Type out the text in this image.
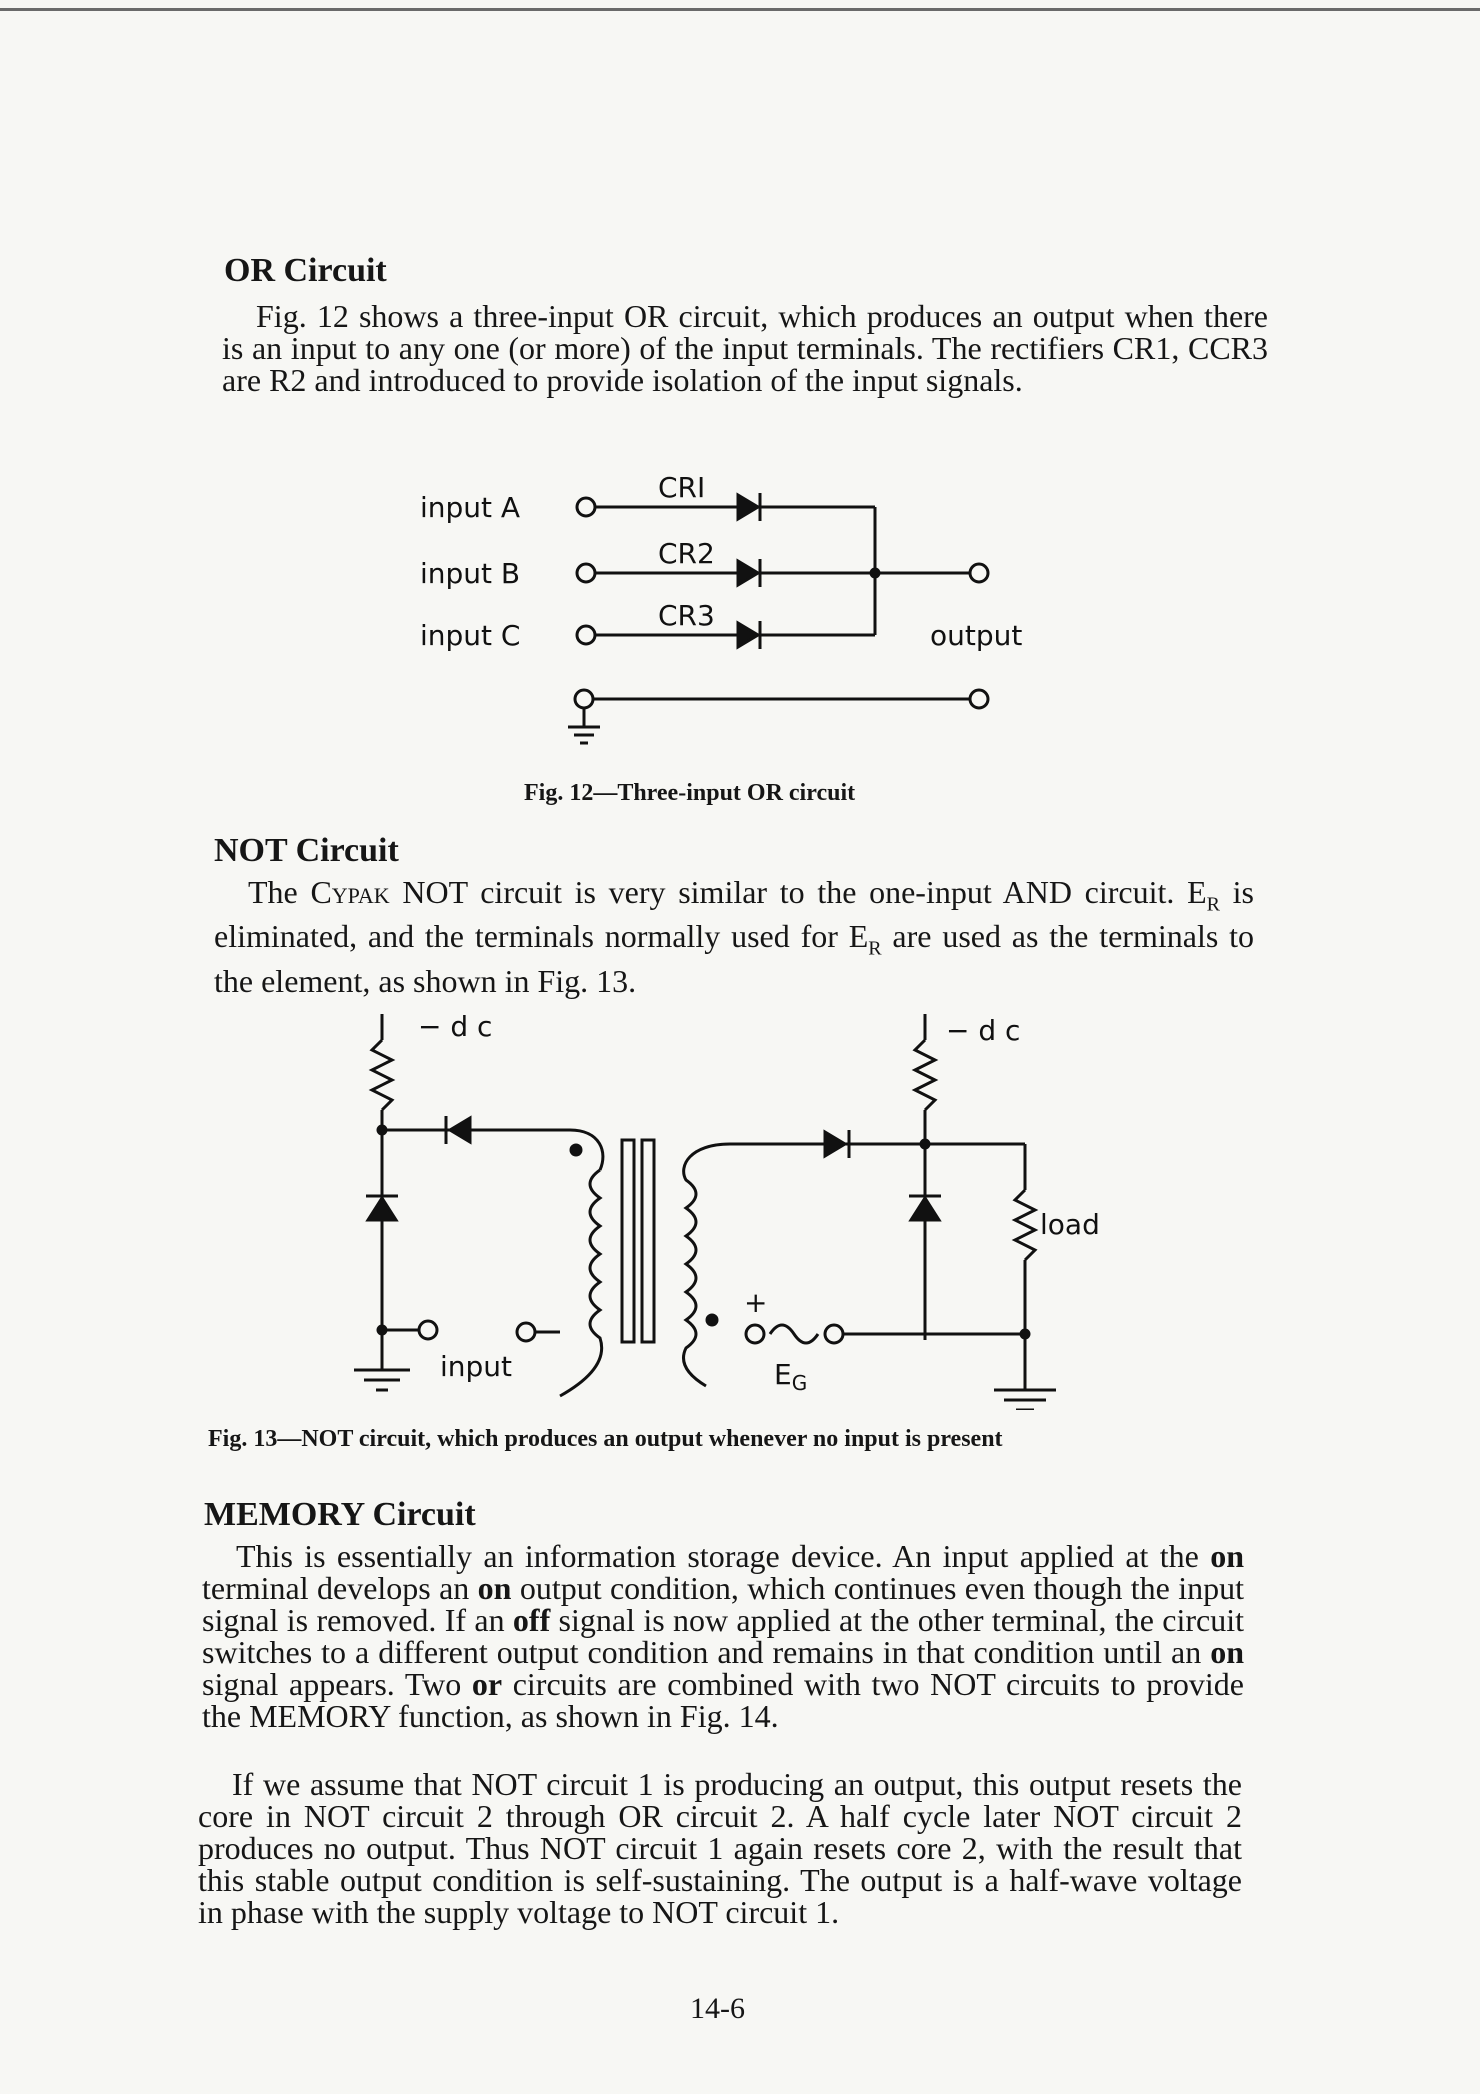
OR Circuit

Fig. 12 shows a three-input OR circuit, which produces an output when there is an input to any one (or more) of the input terminals. The rectifiers CR1, CCR3 are R2 and introduced to provide isolation of the input signals.

input A
input B
input C
CRI
CR2
CR3
output

Fig. 12—Three-input OR circuit

NOT Circuit

The Cypak NOT circuit is very similar to the one-input AND circuit. $E_R$ is eliminated, and the terminals normally used for $E_R$ are used as the terminals to the element, as shown in Fig. 13.

− d c	− d c
load
input
+
$E_G$

Fig. 13—NOT circuit, which produces an output whenever no input is present

MEMORY Circuit

This is essentially an information storage device. An input applied at the on terminal develops an on output condition, which continues even though the input signal is removed. If an off signal is now applied at the other terminal, the circuit switches to a different output condition and remains in that condition until an on signal appears. Two or circuits are combined with two NOT circuits to provide the MEMORY function, as shown in Fig. 14.

If we assume that NOT circuit 1 is producing an output, this output resets the core in NOT circuit 2 through OR circuit 2. A half cycle later NOT circuit 2 produces no output. Thus NOT circuit 1 again resets core 2, with the result that this stable output condition is self-sustaining. The output is a half-wave voltage in phase with the supply voltage to NOT circuit 1.

14-6
